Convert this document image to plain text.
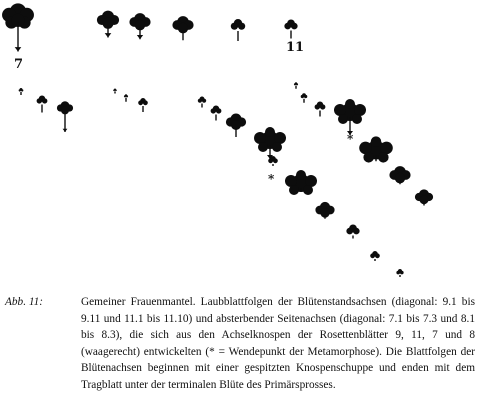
7
11
*
*
Abb. 11:	Gemeiner Frauenmantel. Laubblattfolgen der Blütenstandsachsen (diagonal: 9.1 bis 9.11 und 11.1 bis 11.10) und absterbender Seitenachsen (diagonal: 7.1 bis 7.3 und 8.1 bis 8.3), die sich aus den Achselknospen der Rosettenblätter 9, 11, 7 und 8 (waagerecht) entwickelten (* = Wendepunkt der Metamorphose). Die Blattfolgen der Blütenachsen beginnen mit einer gespitzten Knospenschuppe und enden mit dem Tragblatt unter der terminalen Blüte des Primärsprosses.
